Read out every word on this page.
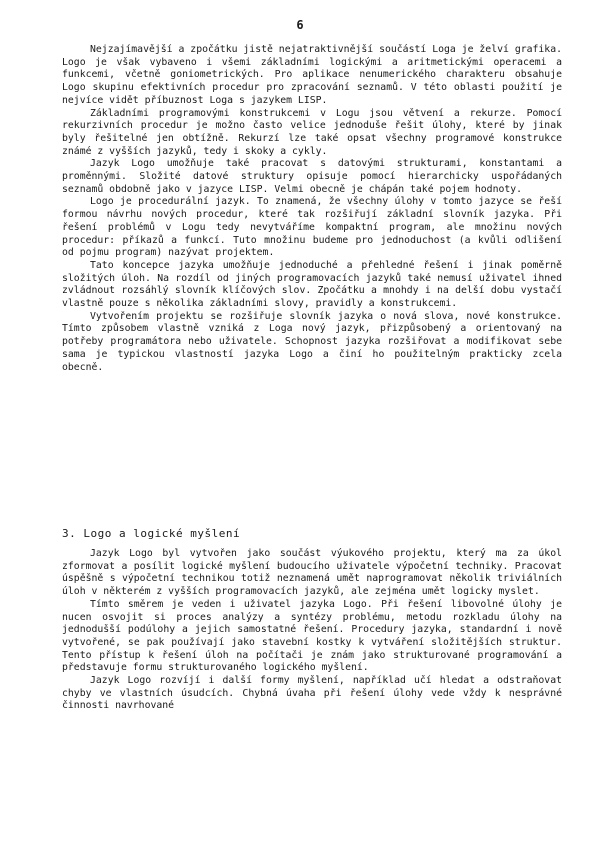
6

Nejzajímavější a zpočátku jistě nejatraktivnější součástí Loga je želví grafika. Logo je však vybaveno i všemi základními logickými a aritmetickými operacemi a funkcemi, včetně goniometrických. Pro aplikace nenumerického charakteru obsahuje Logo skupinu efektivních procedur pro zpracování seznamů. V této oblasti použití je nejvíce vidět příbuznost Loga s jazykem LISP.

Základními programovými konstrukcemi v Logu jsou větvení a rekurze. Pomocí rekurzivních procedur je možno často velice jednoduše řešit úlohy, které by jinak byly řešitelné jen obtížně. Rekurzí lze také opsat všechny programové konstrukce známé z vyšších jazyků, tedy i skoky a cykly.

Jazyk Logo umožňuje také pracovat s datovými strukturami, konstantami a proměnnými. Složité datové struktury opisuje pomocí hierarchicky uspořádaných seznamů obdobně jako v jazyce LISP. Velmi obecně je chápán také pojem hodnoty.

Logo je procedurální jazyk. To znamená, že všechny úlohy v tomto jazyce se řeší formou návrhu nových procedur, které tak rozšiřují základní slovník jazyka. Při řešení problémů v Logu tedy nevytváříme kompaktní program, ale množinu nových procedur: příkazů a funkcí. Tuto množinu budeme pro jednoduchost (a kvůli odlišení od pojmu program) nazývat projektem.

Tato koncepce jazyka umožňuje jednoduché a přehledné řešení i jinak poměrně složitých úloh. Na rozdíl od jiných programovacích jazyků také nemusí uživatel ihned zvládnout rozsáhlý slovník klíčových slov. Zpočátku a mnohdy i na delší dobu vystačí vlastně pouze s několika základními slovy, pravidly a konstrukcemi.

Vytvořením projektu se rozšiřuje slovník jazyka o nová slova, nové konstrukce. Tímto způsobem vlastně vzniká z Loga nový jazyk, přizpůsobený a orientovaný na potřeby programátora nebo uživatele. Schopnost jazyka rozšiřovat a modifikovat sebe sama je typickou vlastností jazyka Logo a činí ho použitelným prakticky zcela obecně.

3. Logo a logické myšlení

Jazyk Logo byl vytvořen jako součást výukového projektu, který ma za úkol zformovat a posílit logické myšlení budoucího uživatele výpočetní techniky. Pracovat úspěšně s výpočetní technikou totiž neznamená umět naprogramovat několik triviálních úloh v některém z vyšších programovacích jazyků, ale zejména umět logicky myslet.

Tímto směrem je veden i uživatel jazyka Logo. Při řešení libovolné úlohy je nucen osvojit si proces analýzy a syntézy problému, metodu rozkladu úlohy na jednodušší podúlohy a jejich samostatné řešení. Procedury jazyka, standardní i nově vytvořené, se pak používají jako stavební kostky k vytváření složitějších struktur. Tento přístup k řešení úloh na počítači je znám jako strukturované programování a představuje formu strukturovaného logického myšlení.

Jazyk Logo rozvíjí i další formy myšlení, například učí hledat a odstraňovat chyby ve vlastních úsudcích. Chybná úvaha při řešení úlohy vede vždy k nesprávné činnosti navrhované
